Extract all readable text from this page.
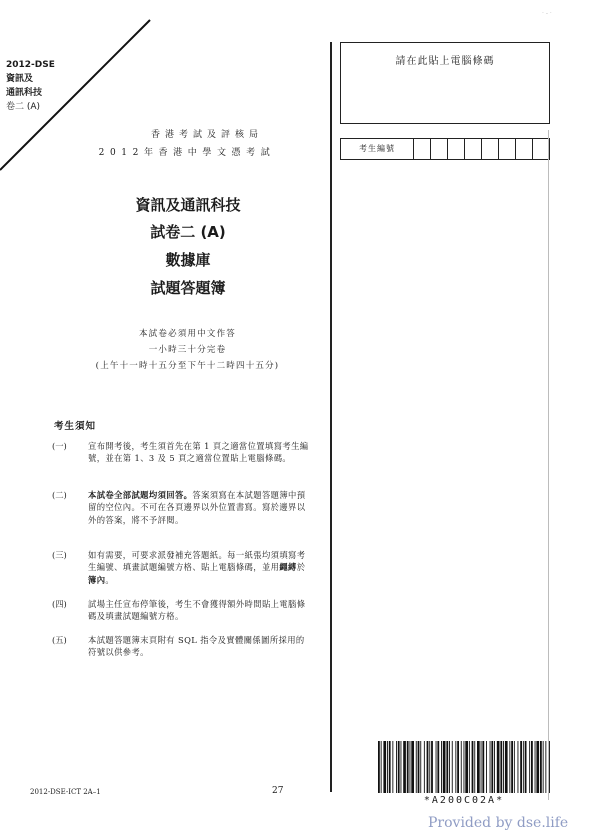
2012-DSE
資訊及
通訊科技
卷二 (A)
香港考試及評核局
2012年香港中學文憑考試
資訊及通訊科技
試卷二 (A)
數據庫
試題答題簿
本試卷必須用中文作答
一小時三十分完卷
(上午十一時十五分至下午十二時四十五分)
考生須知
(一)	宣布開考後，考生須首先在第 1 頁之適當位置填寫考生編號，並在第 1、3 及 5 頁之適當位置貼上電腦條碼。
(二)	本試卷全部試題均須回答。答案須寫在本試題答題簿中預留的空位內。不可在各頁邊界以外位置書寫。寫於邊界以外的答案，將不予評閱。
(三)	如有需要，可要求派發補充答題紙。每一紙張均須填寫考生編號、填畫試題編號方格、貼上電腦條碼，並用繩縛於簿內。
(四)	試場主任宣布停筆後，考生不會獲得額外時間貼上電腦條碼及填畫試題編號方格。
(五)	本試題答題簿末頁附有 SQL 指令及實體關係圖所採用的符號以供參考。
2012-DSE-ICT 2A–1	27
請在此貼上電腦條碼
考生編號
· - ·
*A200C02A*
Provided by dse.life
